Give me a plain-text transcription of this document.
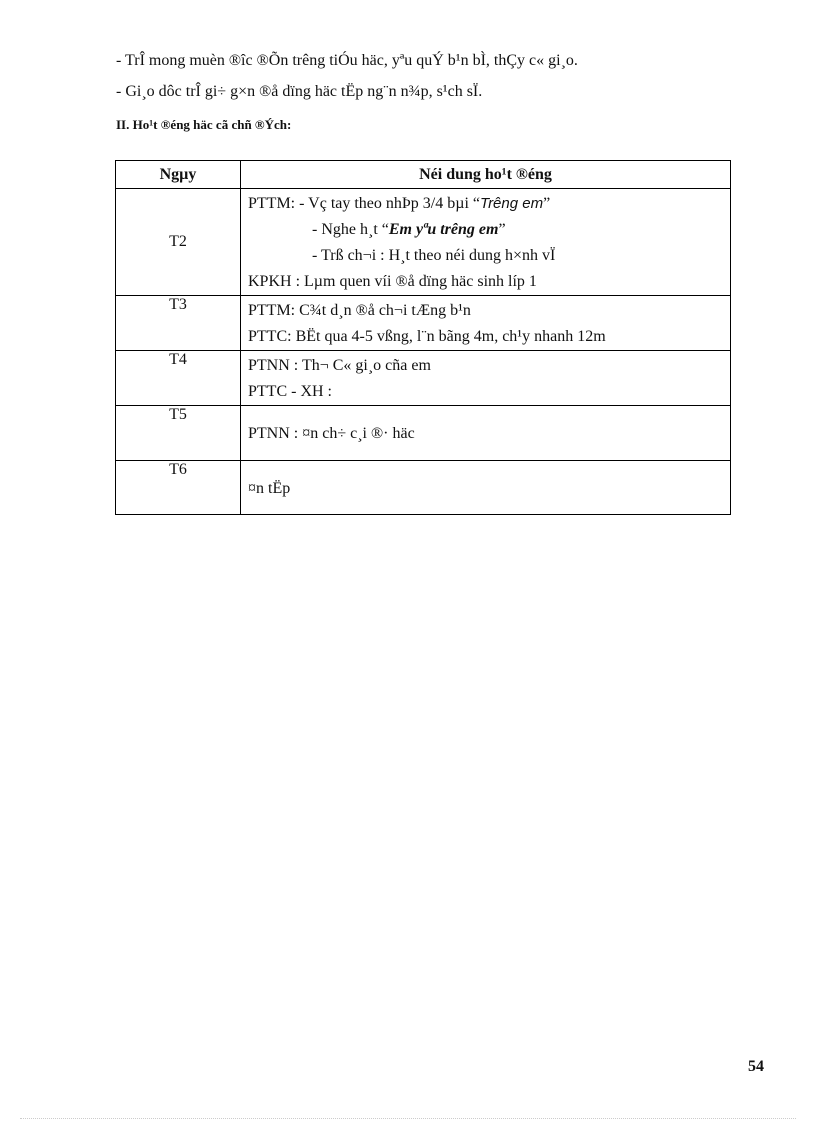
- TrÎ mong muèn ®îc ®Õn trêng tiÓu häc, yªu quÝ b¹n bÌ, thÇy c« gi¸o.
- Gi¸o dôc trÎ gi÷ g×n ®å dïng häc tËp ng¨n n¾p, s¹ch sÏ.
II. Ho¹t ®éng häc cã chñ ®Ých:
Ngµy	Néi dung ho¹t ®éng
T2	PTTM: - Vç tay theo nhÞp 3/4 bµi “Trêng em”
- Nghe h¸t “Em yªu trêng em”
- Trß ch¬i : H¸t theo néi dung h×nh vÏ
KPKH : Lµm quen víi ®å dïng häc sinh líp 1

T3	PTTM: C¾t d¸n ®å ch¬i tÆng b¹n
PTTC: BËt qua 4-5 vßng, l¨n bãng 4m, ch¹y nhanh 12m

T4	PTNN : Th¬ C« gi¸o cña em
PTTC - XH :

T5	PTNN : ¤n ch÷ c¸i ®· häc

T6	¤n tËp
54
